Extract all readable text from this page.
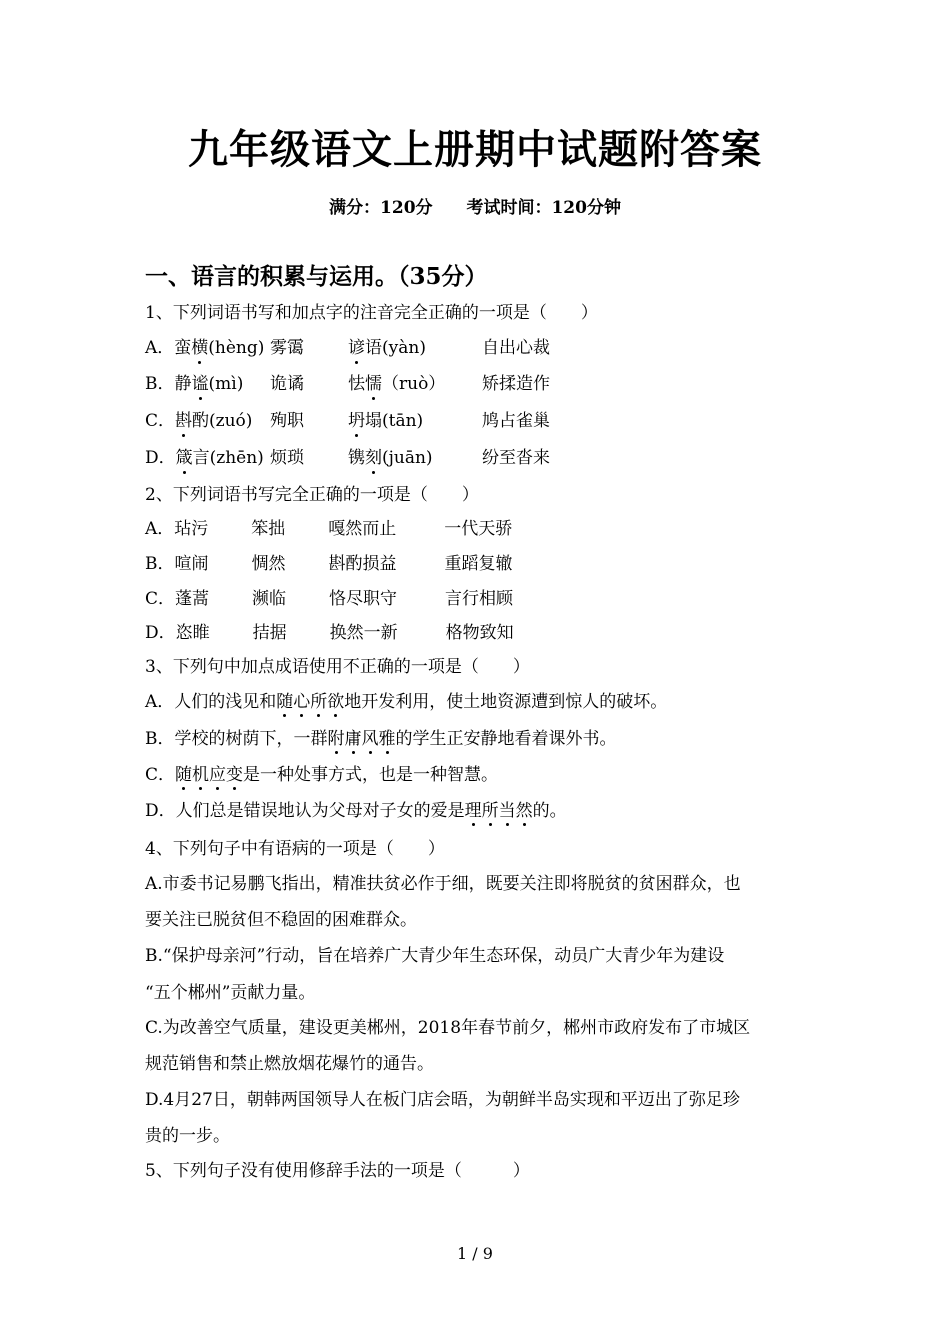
九年级语文上册期中试题附答案
满分：120分 考试时间：120分钟
一、语言的积累与运用。（35分）
1、下列词语书写和加点字的注音完全正确的一项是（　　）
A．蛮横(hèng) 雾霭	谚语(yàn)	自出心裁
B．静谧(mì) 诡谲	怯懦（ruò） 矫揉造作
C．斟酌(zuó) 殉职	坍塌(tān)	鸠占雀巢
D．箴言(zhēn) 烦琐	镌刻(juān)	纷至沓来
2、下列词语书写完全正确的一项是（　　）
A．玷污	笨拙	嘎然而止	一代天骄
B．喧闹	惆然	斟酌损益	重蹈复辙
C．蓬蒿	濒临	恪尽职守	言行相顾
D．恣睢	拮据	换然一新	格物致知
3、下列句中加点成语使用不正确的一项是（　　）
A．人们的浅见和随心所欲地开发利用，使土地资源遭到惊人的破坏。
B．学校的树荫下，一群附庸风雅的学生正安静地看着课外书。
C．随机应变是一种处事方式，也是一种智慧。
D．人们总是错误地认为父母对子女的爱是理所当然的。
4、下列句子中有语病的一项是（　　）
A.市委书记易鹏飞指出，精准扶贫必作于细，既要关注即将脱贫的贫困群众，也
要关注已脱贫但不稳固的困难群众。
B.“保护母亲河”行动，旨在培养广大青少年生态环保，动员广大青少年为建设
“五个郴州”贡献力量。
C.为改善空气质量，建设更美郴州，2018年春节前夕，郴州市政府发布了市城区
规范销售和禁止燃放烟花爆竹的通告。
D.4月27日，朝韩两国领导人在板门店会晤，为朝鲜半岛实现和平迈出了弥足珍
贵的一步。
5、下列句子没有使用修辞手法的一项是（　　　）
1 / 9
